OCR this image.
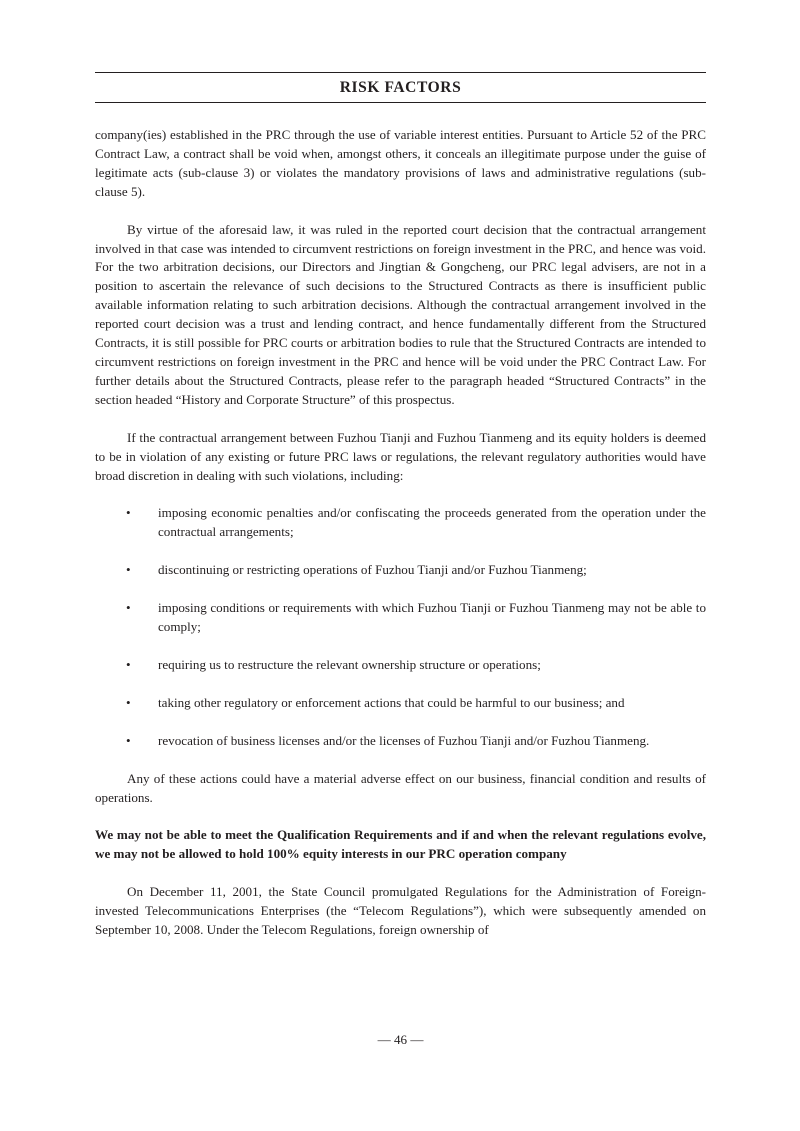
RISK FACTORS

company(ies) established in the PRC through the use of variable interest entities. Pursuant to Article 52 of the PRC Contract Law, a contract shall be void when, amongst others, it conceals an illegitimate purpose under the guise of legitimate acts (sub-clause 3) or violates the mandatory provisions of laws and administrative regulations (sub-clause 5).

By virtue of the aforesaid law, it was ruled in the reported court decision that the contractual arrangement involved in that case was intended to circumvent restrictions on foreign investment in the PRC, and hence was void. For the two arbitration decisions, our Directors and Jingtian & Gongcheng, our PRC legal advisers, are not in a position to ascertain the relevance of such decisions to the Structured Contracts as there is insufficient public available information relating to such arbitration decisions. Although the contractual arrangement involved in the reported court decision was a trust and lending contract, and hence fundamentally different from the Structured Contracts, it is still possible for PRC courts or arbitration bodies to rule that the Structured Contracts are intended to circumvent restrictions on foreign investment in the PRC and hence will be void under the PRC Contract Law. For further details about the Structured Contracts, please refer to the paragraph headed “Structured Contracts” in the section headed “History and Corporate Structure” of this prospectus.

If the contractual arrangement between Fuzhou Tianji and Fuzhou Tianmeng and its equity holders is deemed to be in violation of any existing or future PRC laws or regulations, the relevant regulatory authorities would have broad discretion in dealing with such violations, including:

• imposing economic penalties and/or confiscating the proceeds generated from the operation under the contractual arrangements;
• discontinuing or restricting operations of Fuzhou Tianji and/or Fuzhou Tianmeng;
• imposing conditions or requirements with which Fuzhou Tianji or Fuzhou Tianmeng may not be able to comply;
• requiring us to restructure the relevant ownership structure or operations;
• taking other regulatory or enforcement actions that could be harmful to our business; and
• revocation of business licenses and/or the licenses of Fuzhou Tianji and/or Fuzhou Tianmeng.

Any of these actions could have a material adverse effect on our business, financial condition and results of operations.

We may not be able to meet the Qualification Requirements and if and when the relevant regulations evolve, we may not be allowed to hold 100% equity interests in our PRC operation company

On December 11, 2001, the State Council promulgated Regulations for the Administration of Foreign-invested Telecommunications Enterprises (the “Telecom Regulations”), which were subsequently amended on September 10, 2008. Under the Telecom Regulations, foreign ownership of

— 46 —
